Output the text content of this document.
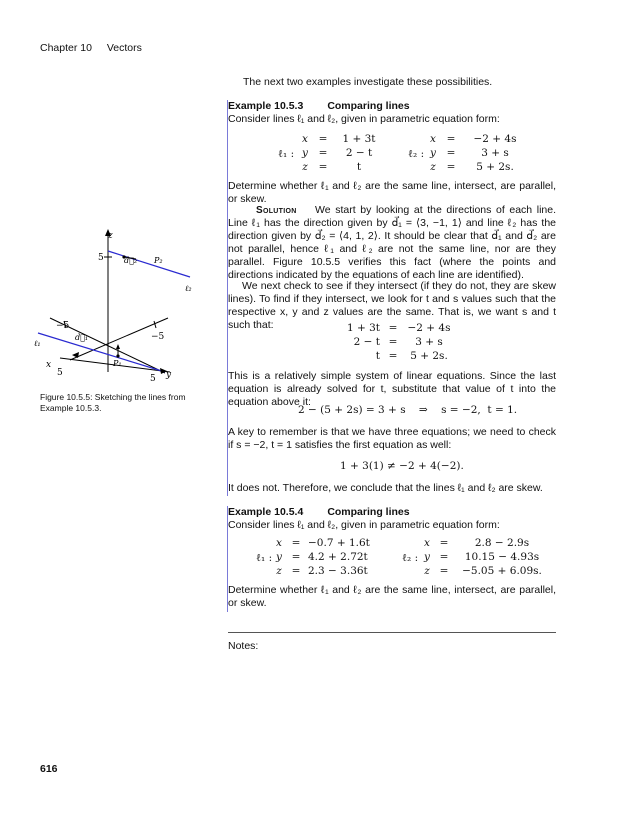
Chapter 10 Vectors
The next two examples investigate these possibilities.
Example 10.5.3 Comparing lines
Consider lines ℓ₁ and ℓ₂, given in parametric equation form:
ℓ₁ :
x	=	1 + 3t
y	=	2 − t
z	=	t
ℓ₂ :
x	=	−2 + 4s
y	=	3 + s
z	=	5 + 2s.
Determine whether ℓ₁ and ℓ₂ are the same line, intersect, are parallel, or skew.
Solution We start by looking at the directions of each line. Line ℓ₁ has the direction given by d⃗₁ = ⟨3, −1, 1⟩ and line ℓ₂ has the direction given by d⃗₂ = ⟨4, 1, 2⟩. It should be clear that d⃗₁ and d⃗₂ are not parallel, hence ℓ₁ and ℓ₂ are not the same line, nor are they parallel. Figure 10.5.5 verifies this fact (where the points and directions indicated by the equations of each line are identified).
We next check to see if they intersect (if they do not, they are skew lines). To find if they intersect, we look for t and s values such that the respective x, y and z values are the same. That is, we want s and t such that:	1 + 3t = −2 + 4s
2 − t =	3 + s
t =	5 + 2s.
This is a relatively simple system of linear equations. Since the last equation is already solved for t, substitute that value of t into the equation above it:
2 − (5 + 2s) = 3 + s    ⇒    s = −2,  t = 1.
A key to remember is that we have three equations; we need to check if s = −2, t = 1 satisfies the first equation as well:
1 + 3(1) ≠ −2 + 4(−2).
It does not. Therefore, we conclude that the lines ℓ₁ and ℓ₂ are skew.
Example 10.5.4 Comparing lines
Consider lines ℓ₁ and ℓ₂, given in parametric equation form:
ℓ₁ :
x = −0.7 + 1.6t
y = 4.2 + 2.72t
z = 2.3 − 3.36t
ℓ₂ :
x =	2.8 − 2.9s
y =	10.15 − 4.93s
z =	−5.05 + 6.09s.
Determine whether ℓ₁ and ℓ₂ are the same line, intersect, are parallel, or skew.
z
5	d⃗₂ P₂
ℓ₂
−5
−5
d⃗₁
ℓ₁
x
5
P₁
5 y
Figure 10.5.5: Sketching the lines from Example 10.5.3.
Notes:
616
